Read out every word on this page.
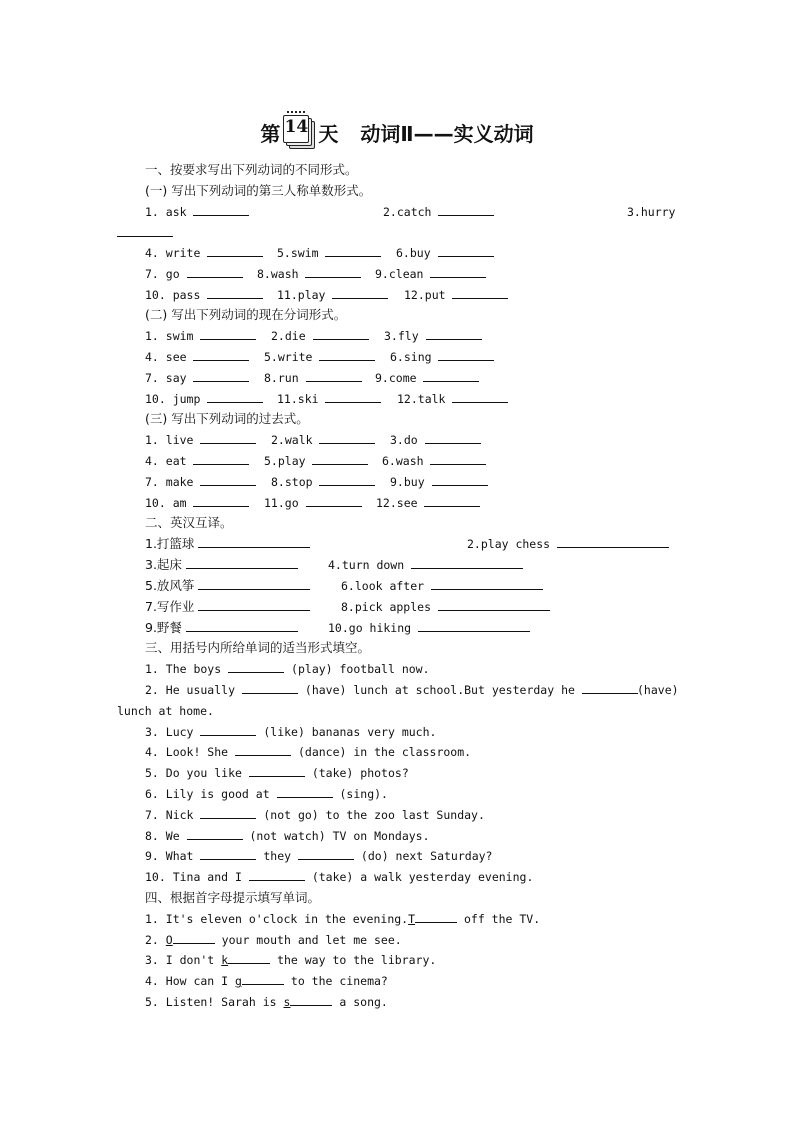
第 14 天 动词Ⅱ——实义动词
一、按要求写出下列动词的不同形式。
(一) 写出下列动词的第三人称单数形式。
1. ask	2.catch	3.hurry
4. write	5.swim	6.buy
7. go	8.wash	9.clean
10. pass	11.play	12.put
(二) 写出下列动词的现在分词形式。
1. swim	2.die	3.fly
4. see	5.write	6.sing
7. say	8.run	9.come
10. jump	11.ski	12.talk
(三) 写出下列动词的过去式。
1. live	2.walk	3.do
4. eat	5.play	6.wash
7. make	8.stop	9.buy
10. am	11.go	12.see
二、英汉互译。
1.打篮球	2.play chess
3.起床	4.turn down
5.放风筝	6.look after
7.写作业	8.pick apples
9.野餐	10.go hiking
三、用括号内所给单词的适当形式填空。
1. The boys	(play) football now.
2. He usually	(have) lunch at school.But yesterday he	(have)
lunch at home.
3. Lucy	(like) bananas very much.
4. Look! She	(dance) in the classroom.
5. Do you like	(take) photos?
6. Lily is good at	(sing).
7. Nick	(not go) to the zoo last Sunday.
8. We	(not watch) TV on Mondays.
9. What	they	(do) next Saturday?
10. Tina and I	(take) a walk yesterday evening.
四、根据首字母提示填写单词。
1. It's eleven o'clock in the evening.T	off the TV.
2. O	your mouth and let me see.
3. I don't k	the way to the library.
4. How can I g	to the cinema?
5. Listen! Sarah is s	a song.
